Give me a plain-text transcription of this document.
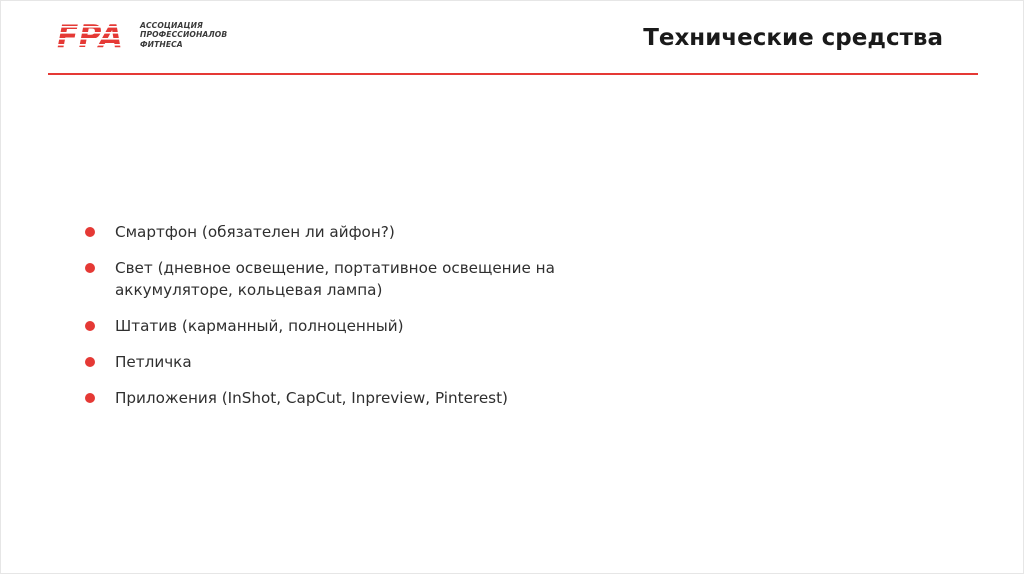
АССОЦИАЦИЯ
ПРОФЕССИОНАЛОВ
ФИТНЕСА	Технические средства
Смартфон (обязателен ли айфон?)
Свет (дневное освещение, портативное освещение на аккумуляторе, кольцевая лампа)
Штатив (карманный, полноценный)
Петличка
Приложения (InShot, CapCut, Inpreview, Pinterest)
